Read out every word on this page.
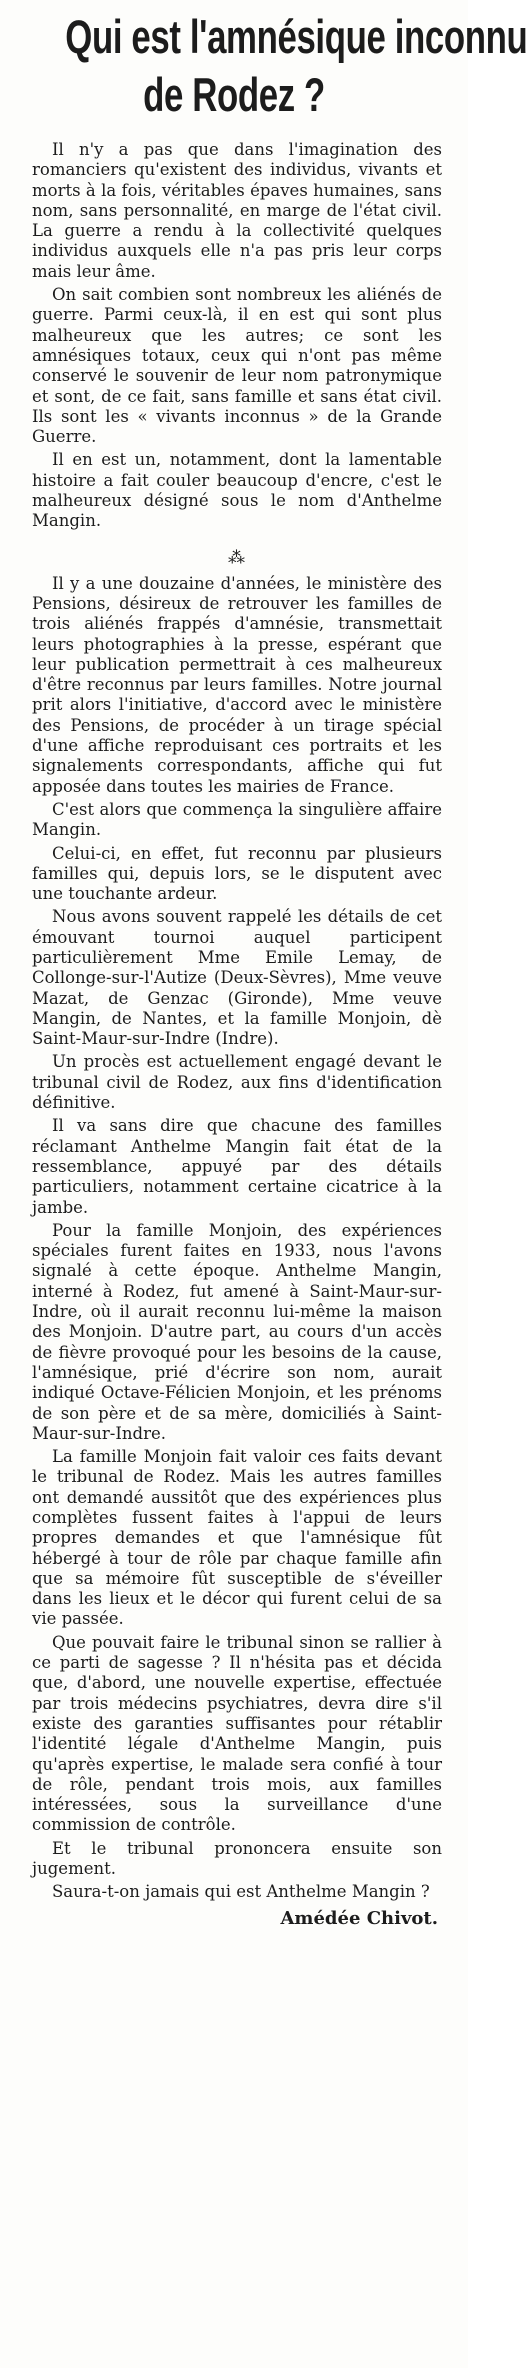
Qui est l'amnésique inconnu
de Rodez ?

Il n'y a pas que dans l'imagination des romanciers qu'existent des individus, vivants et morts à la fois, véritables épaves humaines, sans nom, sans personnalité, en marge de l'état civil. La guerre a rendu à la collectivité quelques individus auxquels elle n'a pas pris leur corps mais leur âme.

On sait combien sont nombreux les aliénés de guerre. Parmi ceux-là, il en est qui sont plus malheureux que les autres; ce sont les amnésiques totaux, ceux qui n'ont pas même conservé le souvenir de leur nom patronymique et sont, de ce fait, sans famille et sans état civil. Ils sont les « vivants inconnus » de la Grande Guerre.

Il en est un, notamment, dont la lamentable histoire a fait couler beaucoup d'encre, c'est le malheureux désigné sous le nom d'Anthelme Mangin.

⁂

Il y a une douzaine d'années, le ministère des Pensions, désireux de retrouver les familles de trois aliénés frappés d'amnésie, transmettait leurs photographies à la presse, espérant que leur publication permettrait à ces malheureux d'être reconnus par leurs familles. Notre journal prit alors l'initiative, d'accord avec le ministère des Pensions, de procéder à un tirage spécial d'une affiche reproduisant ces portraits et les signalements correspondants, affiche qui fut apposée dans toutes les mairies de France.

C'est alors que commença la singulière affaire Mangin.

Celui-ci, en effet, fut reconnu par plusieurs familles qui, depuis lors, se le disputent avec une touchante ardeur.

Nous avons souvent rappelé les détails de cet émouvant tournoi auquel participent particulièrement Mme Emile Lemay, de Collonge-sur-l'Autize (Deux-Sèvres), Mme veuve Mazat, de Genzac (Gironde), Mme veuve Mangin, de Nantes, et la famille Monjoin, dè Saint-Maur-sur-Indre (Indre).

Un procès est actuellement engagé devant le tribunal civil de Rodez, aux fins d'identification définitive.

Il va sans dire que chacune des familles réclamant Anthelme Mangin fait état de la ressemblance, appuyé par des détails particuliers, notamment certaine cicatrice à la jambe.

Pour la famille Monjoin, des expériences spéciales furent faites en 1933, nous l'avons signalé à cette époque. Anthelme Mangin, interné à Rodez, fut amené à Saint-Maur-sur-Indre, où il aurait reconnu lui-même la maison des Monjoin. D'autre part, au cours d'un accès de fièvre provoqué pour les besoins de la cause, l'amnésique, prié d'écrire son nom, aurait indiqué Octave-Félicien Monjoin, et les prénoms de son père et de sa mère, domiciliés à Saint-Maur-sur-Indre.

La famille Monjoin fait valoir ces faits devant le tribunal de Rodez. Mais les autres familles ont demandé aussitôt que des expériences plus complètes fussent faites à l'appui de leurs propres demandes et que l'amnésique fût hébergé à tour de rôle par chaque famille afin que sa mémoire fût susceptible de s'éveiller dans les lieux et le décor qui furent celui de sa vie passée.

Que pouvait faire le tribunal sinon se rallier à ce parti de sagesse ? Il n'hésita pas et décida que, d'abord, une nouvelle expertise, effectuée par trois médecins psychiatres, devra dire s'il existe des garanties suffisantes pour rétablir l'identité légale d'Anthelme Mangin, puis qu'après expertise, le malade sera confié à tour de rôle, pendant trois mois, aux familles intéressées, sous la surveillance d'une commission de contrôle.

Et le tribunal prononcera ensuite son jugement.

Saura-t-on jamais qui est Anthelme Mangin ?

Amédée Chivot.
